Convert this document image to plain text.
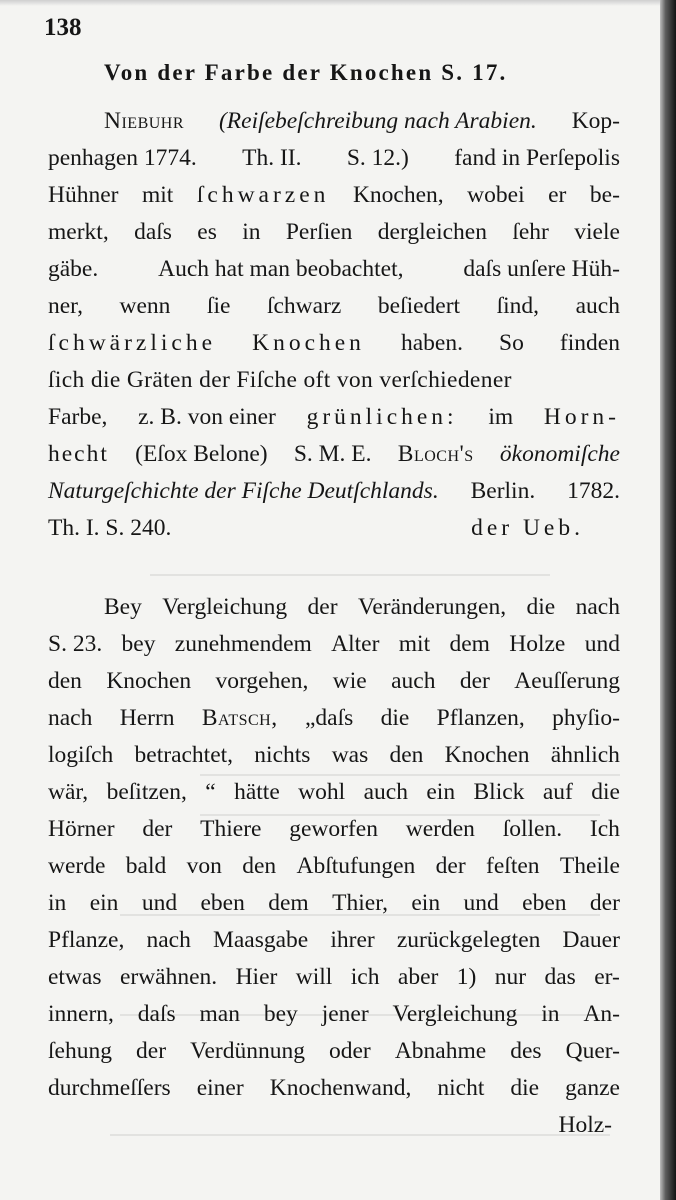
138
Von der Farbe der Knochen S. 17.
Niebuhr (Reiſebeſchreibung nach Arabien. Kop-
penhagen 1774. Th. II. S. 12.) fand in Perſepolis
Hühner mit ſchwarzen Knochen, wobei er be-
merkt, daſs es in Perſien dergleichen ſehr viele
gäbe.	Auch hat man beobachtet,	daſs unſere Hüh-
ner, wenn ſie ſchwarz beſiedert ſind, auch
ſchwärzliche Knochen haben. So finden
ſich die Gräten der Fiſche oft von verſchiedener
Farbe, z. B. von einer grünlichen: im Horn-
hecht (Eſox Belone) S. M. E. Bloch's ökonomiſche
Naturgeſchichte der Fiſche Deutſchlands. Berlin. 1782.
Th. I. S. 240.	der Ueb.
Bey Vergleichung der Veränderungen, die nach
S. 23. bey zunehmendem Alter mit dem Holze und
den Knochen vorgehen, wie auch der Aeuſſerung
nach Herrn Batsch, „daſs die Pflanzen, phyſio-
logiſch betrachtet, nichts was den Knochen ähnlich
wär, beſitzen, “ hätte wohl auch ein Blick auf die
Hörner der Thiere geworfen werden ſollen. Ich
werde bald von den Abſtufungen der feſten Theile
in ein und eben dem Thier, ein und eben der
Pflanze, nach Maasgabe ihrer zurückgelegten Dauer
etwas erwähnen. Hier will ich aber 1) nur das er-
innern, daſs man bey jener Vergleichung in An-
ſehung der Verdünnung oder Abnahme des Quer-
durchmeſſers einer Knochenwand, nicht die ganze
Holz-
